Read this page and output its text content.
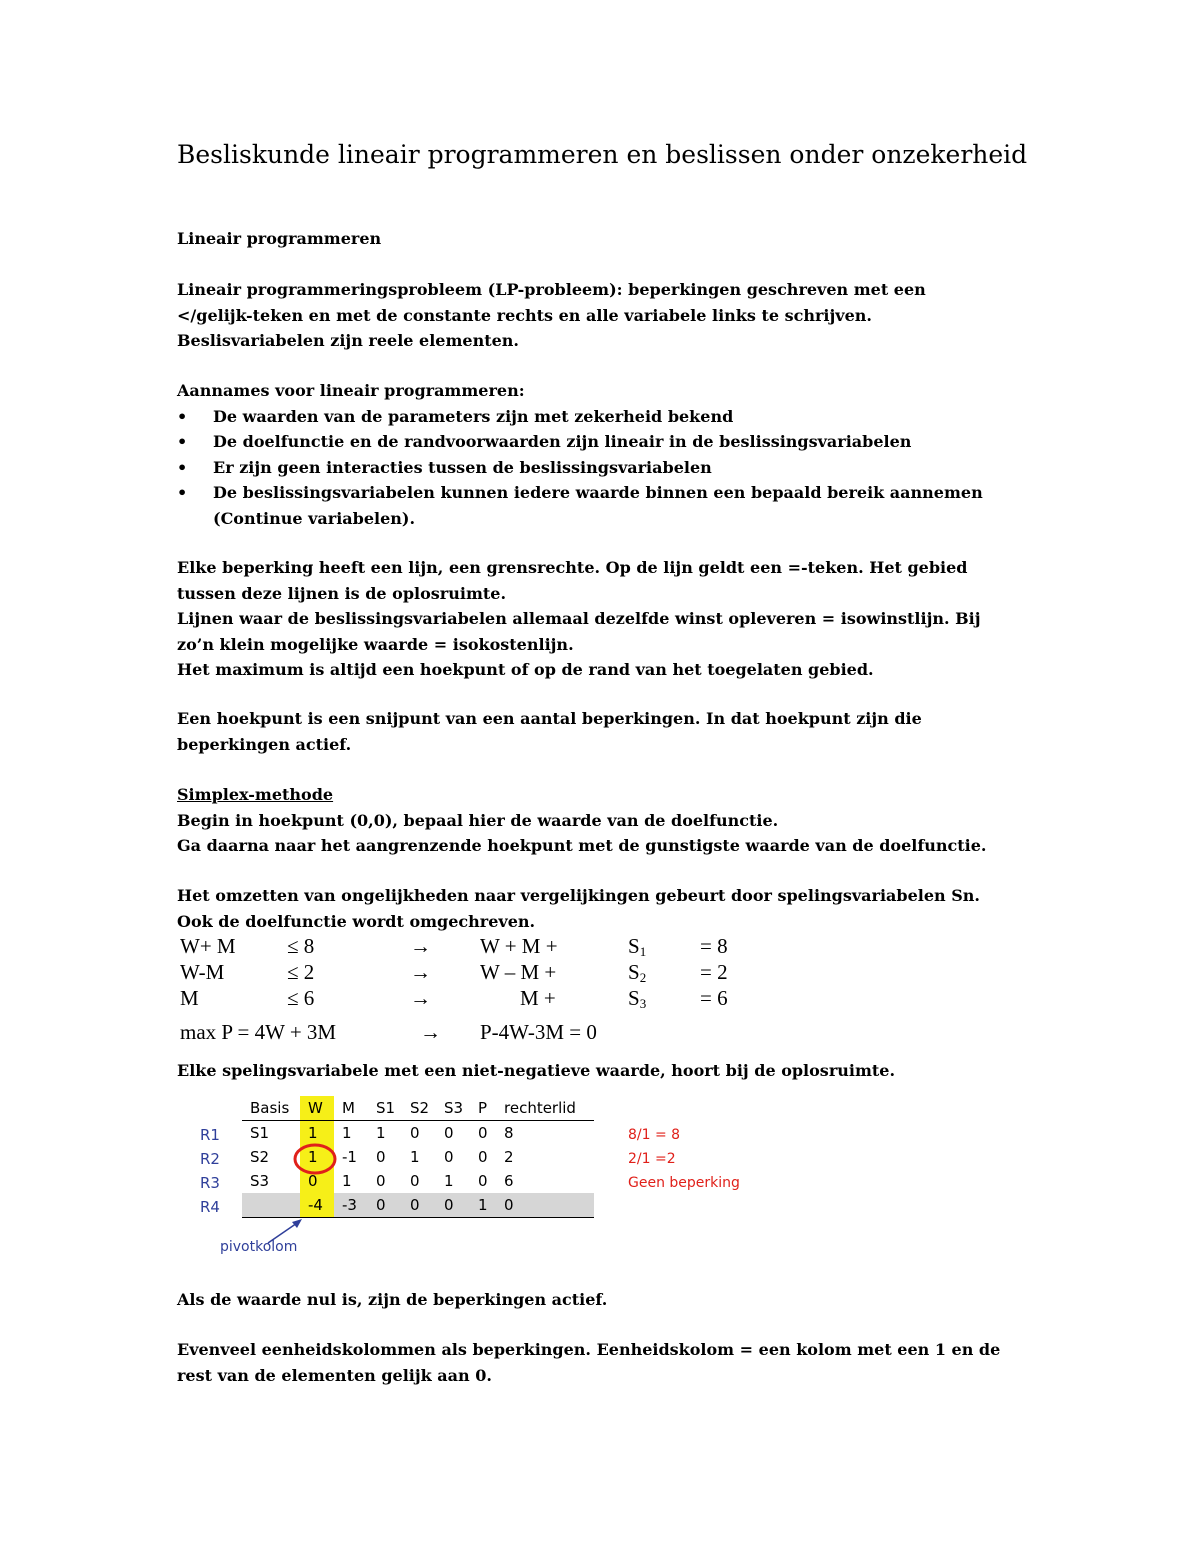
Besliskunde lineair programmeren en beslissen onder onzekerheid
Lineair programmeren

Lineair programmeringsprobleem (LP-probleem): beperkingen geschreven met een

</gelijk-teken en met de constante rechts en alle variabele links te schrijven.

Beslisvariabelen zijn reele elementen.

Aannames voor lineair programmeren:

• De waarden van de parameters zijn met zekerheid bekend
• De doelfunctie en de randvoorwaarden zijn lineair in de beslissingsvariabelen
• Er zijn geen interacties tussen de beslissingsvariabelen
• De beslissingsvariabelen kunnen iedere waarde binnen een bepaald bereik aannemen (Continue variabelen).

Elke beperking heeft een lijn, een grensrechte. Op de lijn geldt een =-teken. Het gebied

tussen deze lijnen is de oplosruimte.

Lijnen waar de beslissingsvariabelen allemaal dezelfde winst opleveren = isowinstlijn. Bij

zo’n klein mogelijke waarde = isokostenlijn.

Het maximum is altijd een hoekpunt of op de rand van het toegelaten gebied.

Een hoekpunt is een snijpunt van een aantal beperkingen. In dat hoekpunt zijn die

beperkingen actief.

Simplex-methode

Begin in hoekpunt (0,0), bepaal hier de waarde van de doelfunctie.

Ga daarna naar het aangrenzende hoekpunt met de gunstigste waarde van de doelfunctie.

Het omzetten van ongelijkheden naar vergelijkingen gebeurt door spelingsvariabelen Sn.

Ook de doelfunctie wordt omgechreven.

W+ M ≤ 8	→ W + M +	$S_1$	= 8
W-M	≤ 2	→ W – M +	$S_2$	= 2
M	≤ 6	→	M +	$S_3$	= 6
max P = 4W + 3M	→ P-4W-3M = 0
Elke spelingsvariabele met een niet-negatieve waarde, hoort bij de oplosruimte.
R1
R2
R3
R4
Basis	W	M	S1	S2	S3	P	rechterlid
S1	1	1	1	0	0	0	8
S2	1	-1	0	1	0	0	2
S3	0	1	0	0	1	0	6
	-4	-3	0	0	0	1	0
8/1 = 8
2/1 =2
Geen beperking
pivotkolom
Als de waarde nul is, zijn de beperkingen actief.

Evenveel eenheidskolommen als beperkingen. Eenheidskolom = een kolom met een 1 en de

rest van de elementen gelijk aan 0.
